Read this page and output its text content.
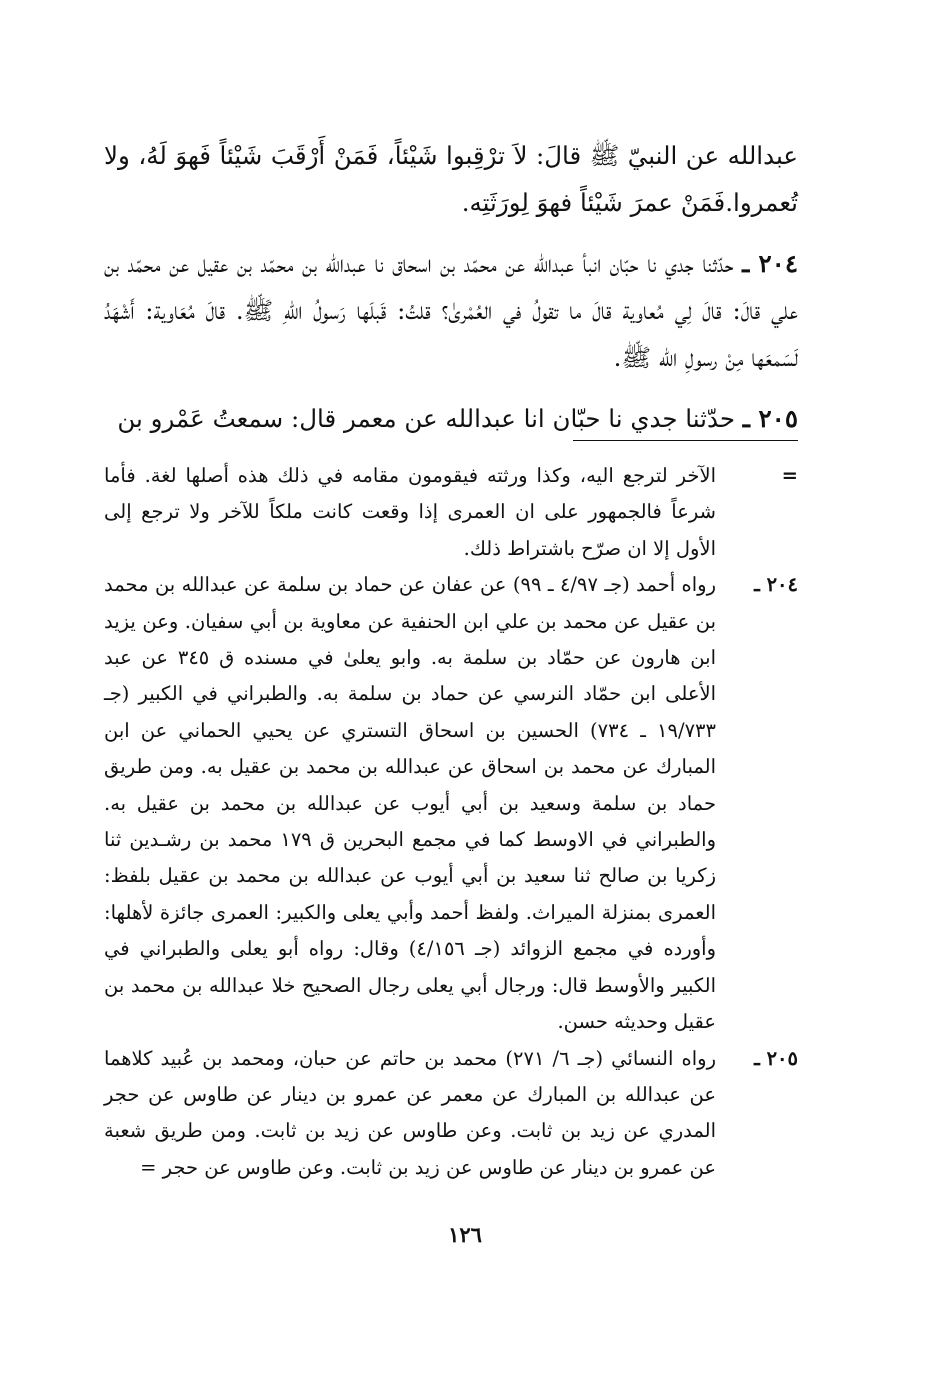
عبدالله عن النبيّ ﷺ قالَ: لاَ ترْقِبوا شَيْئاً، فَمَنْ أَرْقَبَ شَيْئاً فَهوَ لَهُ، ولا تُعمروا.فَمَنْ عمرَ شَيْئاً فهوَ لِورَثَتِه.

٢٠٤ ـ حدّثنا جدي نا حبّان انبأ عبدالله عن محمّد بن اسحاق نا عبدالله بن محمّد بن عقيل عن محمّد بن علي قالَ: قالَ لِي مُعاوية قالَ ما تقولُ في العُمْرىٰ؟ قلتُ: قَبلَها رَسولُ اللهِ ﷺ. قالَ مُعَاوية: أَشْهَدُ لَسَمعَها مِنْ رسولِ الله ﷺ.

٢٠٥ ـ حدّثنا جدي نا حبّان انا عبدالله عن معمر قال: سمعتُ عَمْرو بن

=
الآخر لترجع اليه، وكذا ورثته فيقومون مقامه في ذلك هذه أصلها لغة. فأما شرعاً فالجمهور على ان العمرى إذا وقعت كانت ملكاً للآخر ولا ترجع إلى الأول إلا ان صرّح باشتراط ذلك.
٢٠٤ ـ
رواه أحمد (جـ ٤/٩٧ ـ ٩٩) عن عفان عن حماد بن سلمة عن عبدالله بن محمد بن عقيل عن محمد بن علي ابن الحنفية عن معاوية بن أبي سفيان. وعن يزيد ابن هارون عن حمّاد بن سلمة به. وابو يعلىٰ في مسنده ق ٣٤٥ عن عبد الأعلى ابن حمّاد النرسي عن حماد بن سلمة به. والطبراني في الكبير (جـ ١٩/٧٣٣ ـ ٧٣٤) الحسين بن اسحاق التستري عن يحيي الحماني عن ابن المبارك عن محمد بن اسحاق عن عبدالله بن محمد بن عقيل به. ومن طريق حماد بن سلمة وسعيد بن أبي أيوب عن عبدالله بن محمد بن عقيل به. والطبراني في الاوسط كما في مجمع البحرين ق ١٧٩ محمد بن رشـدين ثنا زكريا بن صالح ثنا سعيد بن أبي أيوب عن عبدالله بن محمد بن عقيل بلفظ: العمرى بمنزلة الميراث. ولفظ أحمد وأبي يعلى والكبير: العمرى جائزة لأهلها: وأورده في مجمع الزوائد (جـ ٤/١٥٦) وقال: رواه أبو يعلى والطبراني في الكبير والأوسط قال: ورجال أبي يعلى رجال الصحيح خلا عبدالله بن محمد بن عقيل وحديثه حسن.
٢٠٥ ـ
رواه النسائي (جـ ٦/ ٢٧١) محمد بن حاتم عن حبان، ومحمد بن عُبيد كلاهما عن عبدالله بن المبارك عن معمر عن عمرو بن دينار عن طاوس عن حجر المدري عن زيد بن ثابت. وعن طاوس عن زيد بن ثابت. ومن طريق شعبة عن عمرو بن دينار عن طاوس عن زيد بن ثابت. وعن طاوس عن حجر =
١٢٦
